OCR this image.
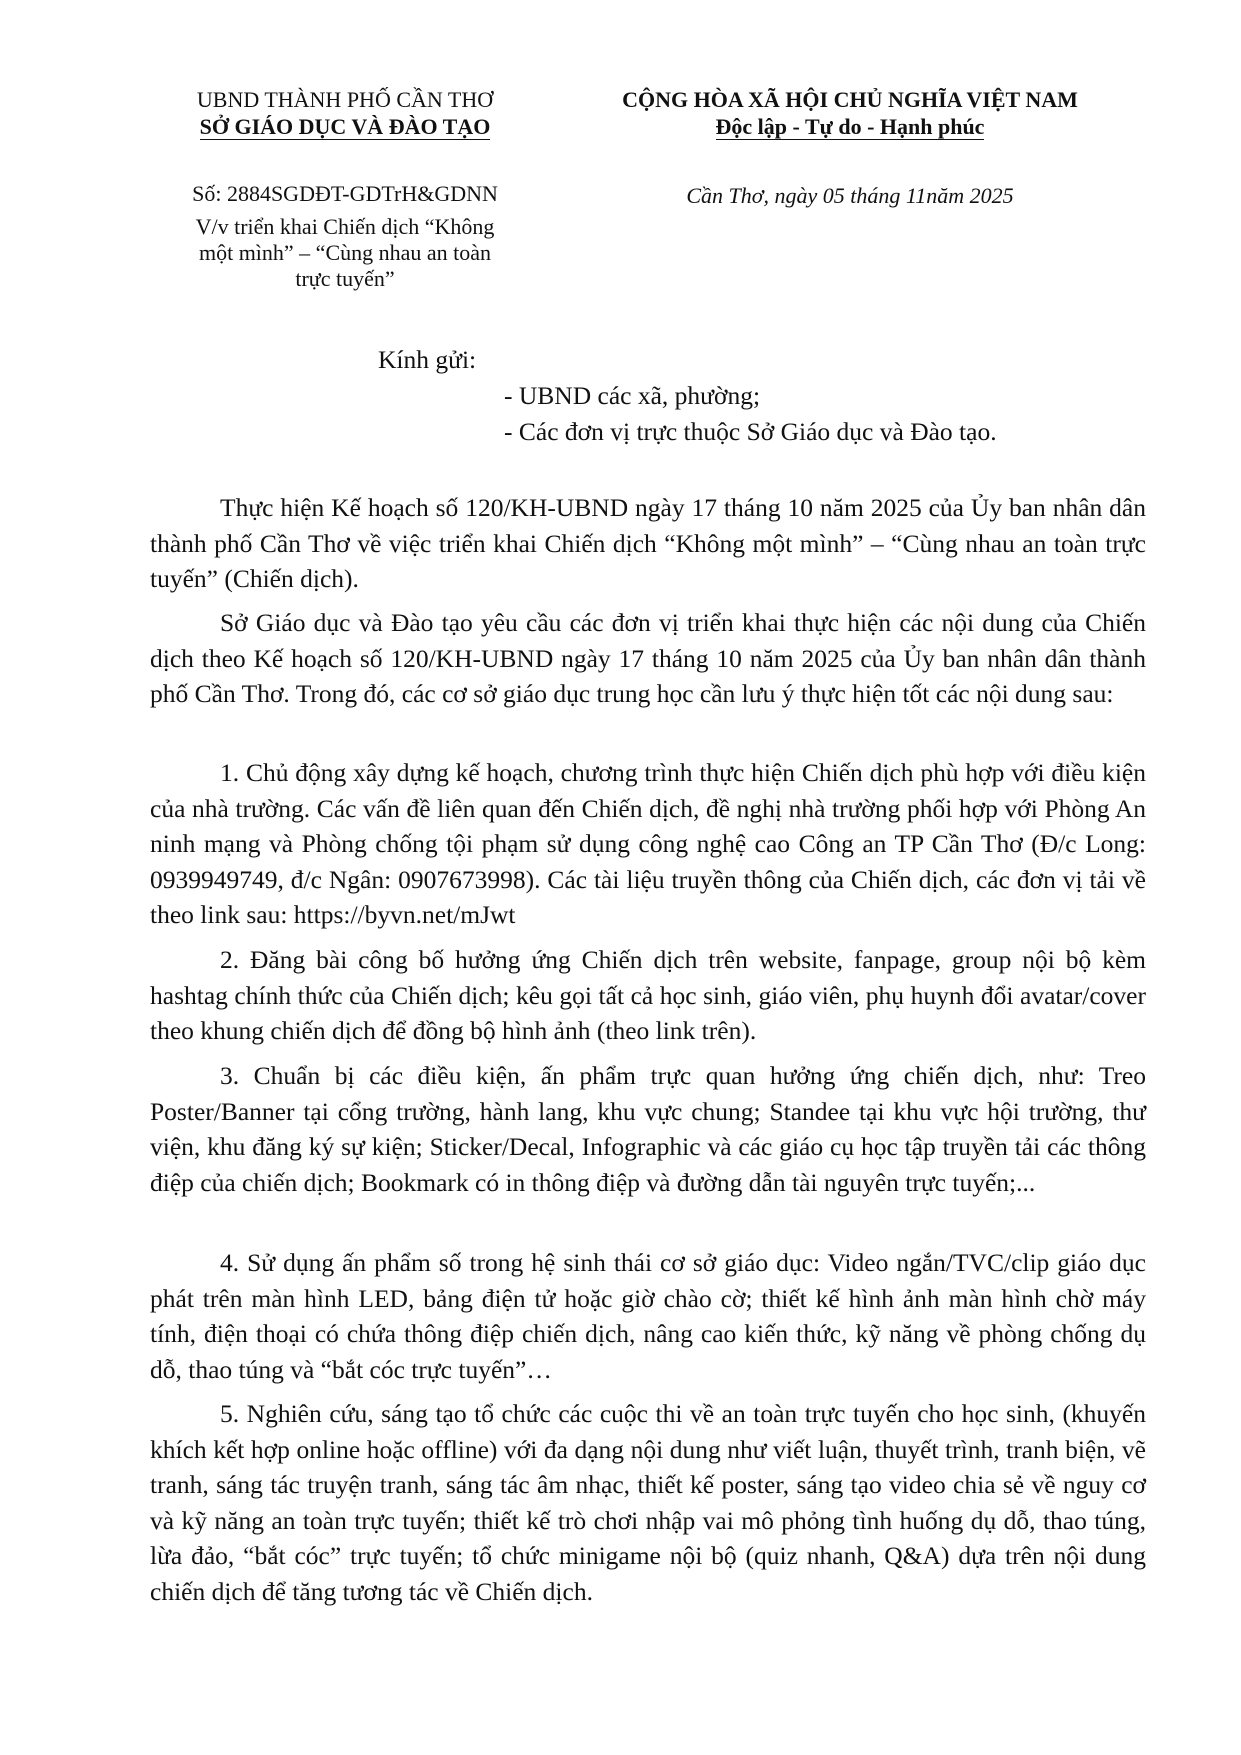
UBND THÀNH PHỐ CẦN THƠ
SỞ GIÁO DỤC VÀ ĐÀO TẠO
CỘNG HÒA XÃ HỘI CHỦ NGHĨA VIỆT NAM
Độc lập - Tự do - Hạnh phúc
Số: 2884SGDĐT-GDTrH&GDNN
V/v triển khai Chiến dịch “Không
một mình” – “Cùng nhau an toàn
trực tuyến”
Cần Thơ, ngày 05 tháng 11năm 2025
Kính gửi:
- UBND các xã, phường;
- Các đơn vị trực thuộc Sở Giáo dục và Đào tạo.

Thực hiện Kế hoạch số 120/KH-UBND ngày 17 tháng 10 năm 2025 của Ủy ban nhân dân thành phố Cần Thơ về việc triển khai Chiến dịch “Không một mình” – “Cùng nhau an toàn trực tuyến” (Chiến dịch).

Sở Giáo dục và Đào tạo yêu cầu các đơn vị triển khai thực hiện các nội dung của Chiến dịch theo Kế hoạch số 120/KH-UBND ngày 17 tháng 10 năm 2025 của Ủy ban nhân dân thành phố Cần Thơ. Trong đó, các cơ sở giáo dục trung học cần lưu ý thực hiện tốt các nội dung sau:

1. Chủ động xây dựng kế hoạch, chương trình thực hiện Chiến dịch phù hợp với điều kiện của nhà trường. Các vấn đề liên quan đến Chiến dịch, đề nghị nhà trường phối hợp với Phòng An ninh mạng và Phòng chống tội phạm sử dụng công nghệ cao Công an TP Cần Thơ (Đ/c Long: 0939949749, đ/c Ngân: 0907673998). Các tài liệu truyền thông của Chiến dịch, các đơn vị tải về theo link sau: https://byvn.net/mJwt

2. Đăng bài công bố hưởng ứng Chiến dịch trên website, fanpage, group nội bộ kèm hashtag chính thức của Chiến dịch; kêu gọi tất cả học sinh, giáo viên, phụ huynh đổi avatar/cover theo khung chiến dịch để đồng bộ hình ảnh (theo link trên).

3. Chuẩn bị các điều kiện, ấn phẩm trực quan hưởng ứng chiến dịch, như: Treo Poster/Banner tại cổng trường, hành lang, khu vực chung; Standee tại khu vực hội trường, thư viện, khu đăng ký sự kiện; Sticker/Decal, Infographic và các giáo cụ học tập truyền tải các thông điệp của chiến dịch; Bookmark có in thông điệp và đường dẫn tài nguyên trực tuyến;...

4. Sử dụng ấn phẩm số trong hệ sinh thái cơ sở giáo dục: Video ngắn/TVC/clip giáo dục phát trên màn hình LED, bảng điện tử hoặc giờ chào cờ; thiết kế hình ảnh màn hình chờ máy tính, điện thoại có chứa thông điệp chiến dịch, nâng cao kiến thức, kỹ năng về phòng chống dụ dỗ, thao túng và “bắt cóc trực tuyến”…

5. Nghiên cứu, sáng tạo tổ chức các cuộc thi về an toàn trực tuyến cho học sinh, (khuyến khích kết hợp online hoặc offline) với đa dạng nội dung như viết luận, thuyết trình, tranh biện, vẽ tranh, sáng tác truyện tranh, sáng tác âm nhạc, thiết kế poster, sáng tạo video chia sẻ về nguy cơ và kỹ năng an toàn trực tuyến; thiết kế trò chơi nhập vai mô phỏng tình huống dụ dỗ, thao túng, lừa đảo, “bắt cóc” trực tuyến; tổ chức minigame nội bộ (quiz nhanh, Q&A) dựa trên nội dung chiến dịch để tăng tương tác về Chiến dịch.
